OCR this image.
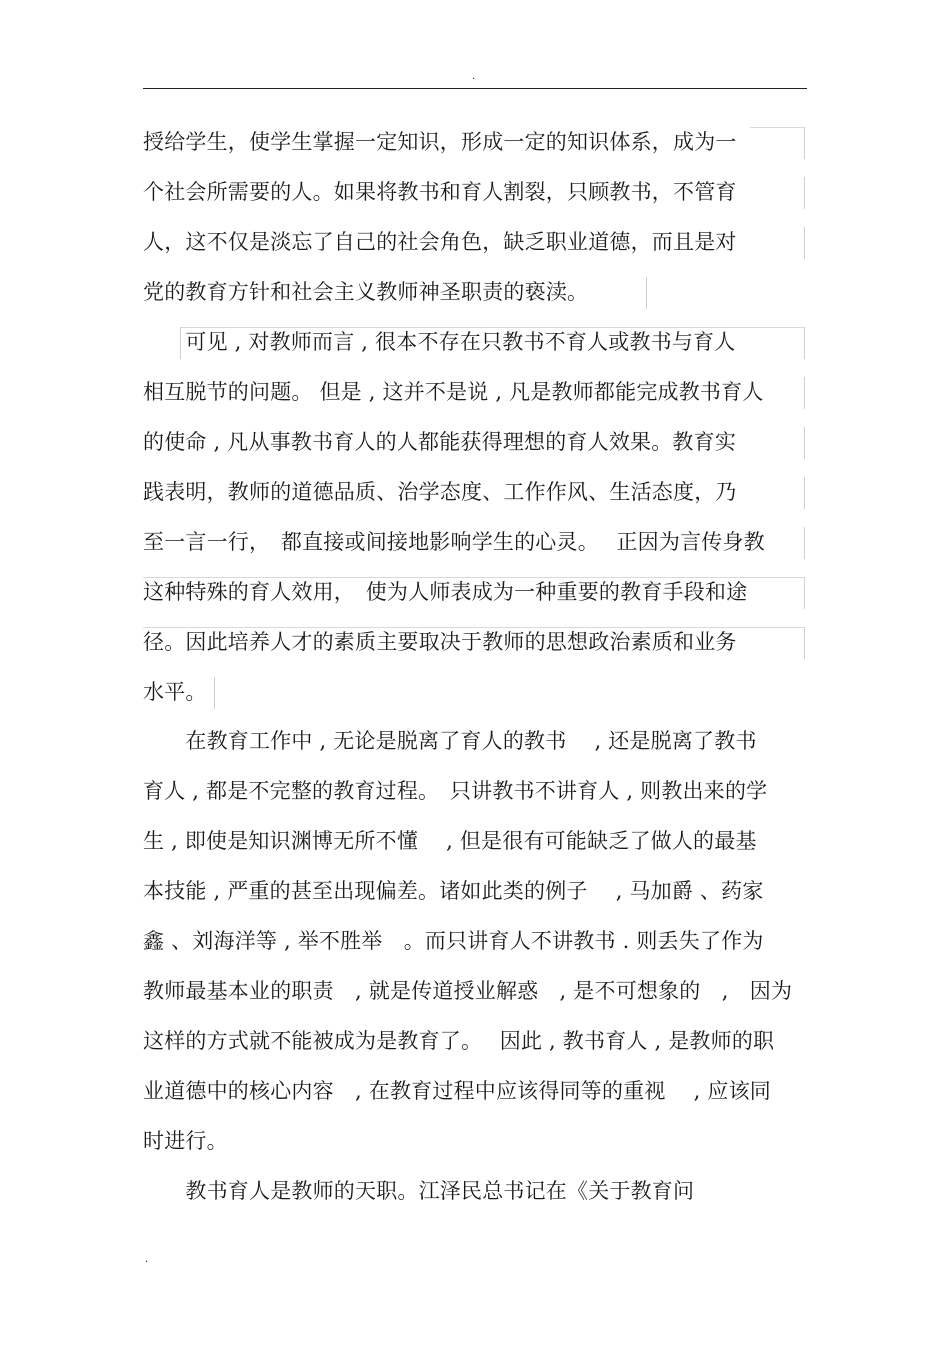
.
授给学生，使学生掌握一定知识，形成一定的知识体系，成为一
个社会所需要的人。如果将教书和育人割裂，只顾教书，不管育
人，这不仅是淡忘了自己的社会角色，缺乏职业道德，而且是对
党的教育方针和社会主义教师神圣职责的亵渎。
　　可见 , 对教师而言 , 很本不存在只教书不育人或教书与育人
相互脱节的问题。 但是 , 这并不是说 , 凡是教师都能完成教书育人
的使命 , 凡从事教书育人的人都能获得理想的育人效果。教育实
践表明，教师的道德品质、治学态度、工作作风、生活态度，乃
至一言一行，　都直接或间接地影响学生的心灵。　 正因为言传身教
这种特殊的育人效用，　使为人师表成为一种重要的教育手段和途
径。因此培养人才的素质主要取决于教师的思想政治素质和业务
水平。
　　在教育工作中 , 无论是脱离了育人的教书 　, 还是脱离了教书
育人 , 都是不完整的教育过程。　只讲教书不讲育人 , 则教出来的学
生 , 即使是知识渊博无所不懂　 , 但是很有可能缺乏了做人的最基
本技能 , 严重的甚至出现偏差。诸如此类的例子　 , 马加爵 、药家
鑫 、刘海洋等 , 举不胜举　。而只讲育人不讲教书 . 则丢失了作为
教师最基本业的职责　, 就是传道授业解惑　, 是不可想象的　,　因为
这样的方式就不能被成为是教育了。　 因此 , 教书育人 , 是教师的职
业道德中的核心内容　, 在教育过程中应该得同等的重视　 , 应该同
时进行。
　　教书育人是教师的天职。江泽民总书记在《关于教育问
.
